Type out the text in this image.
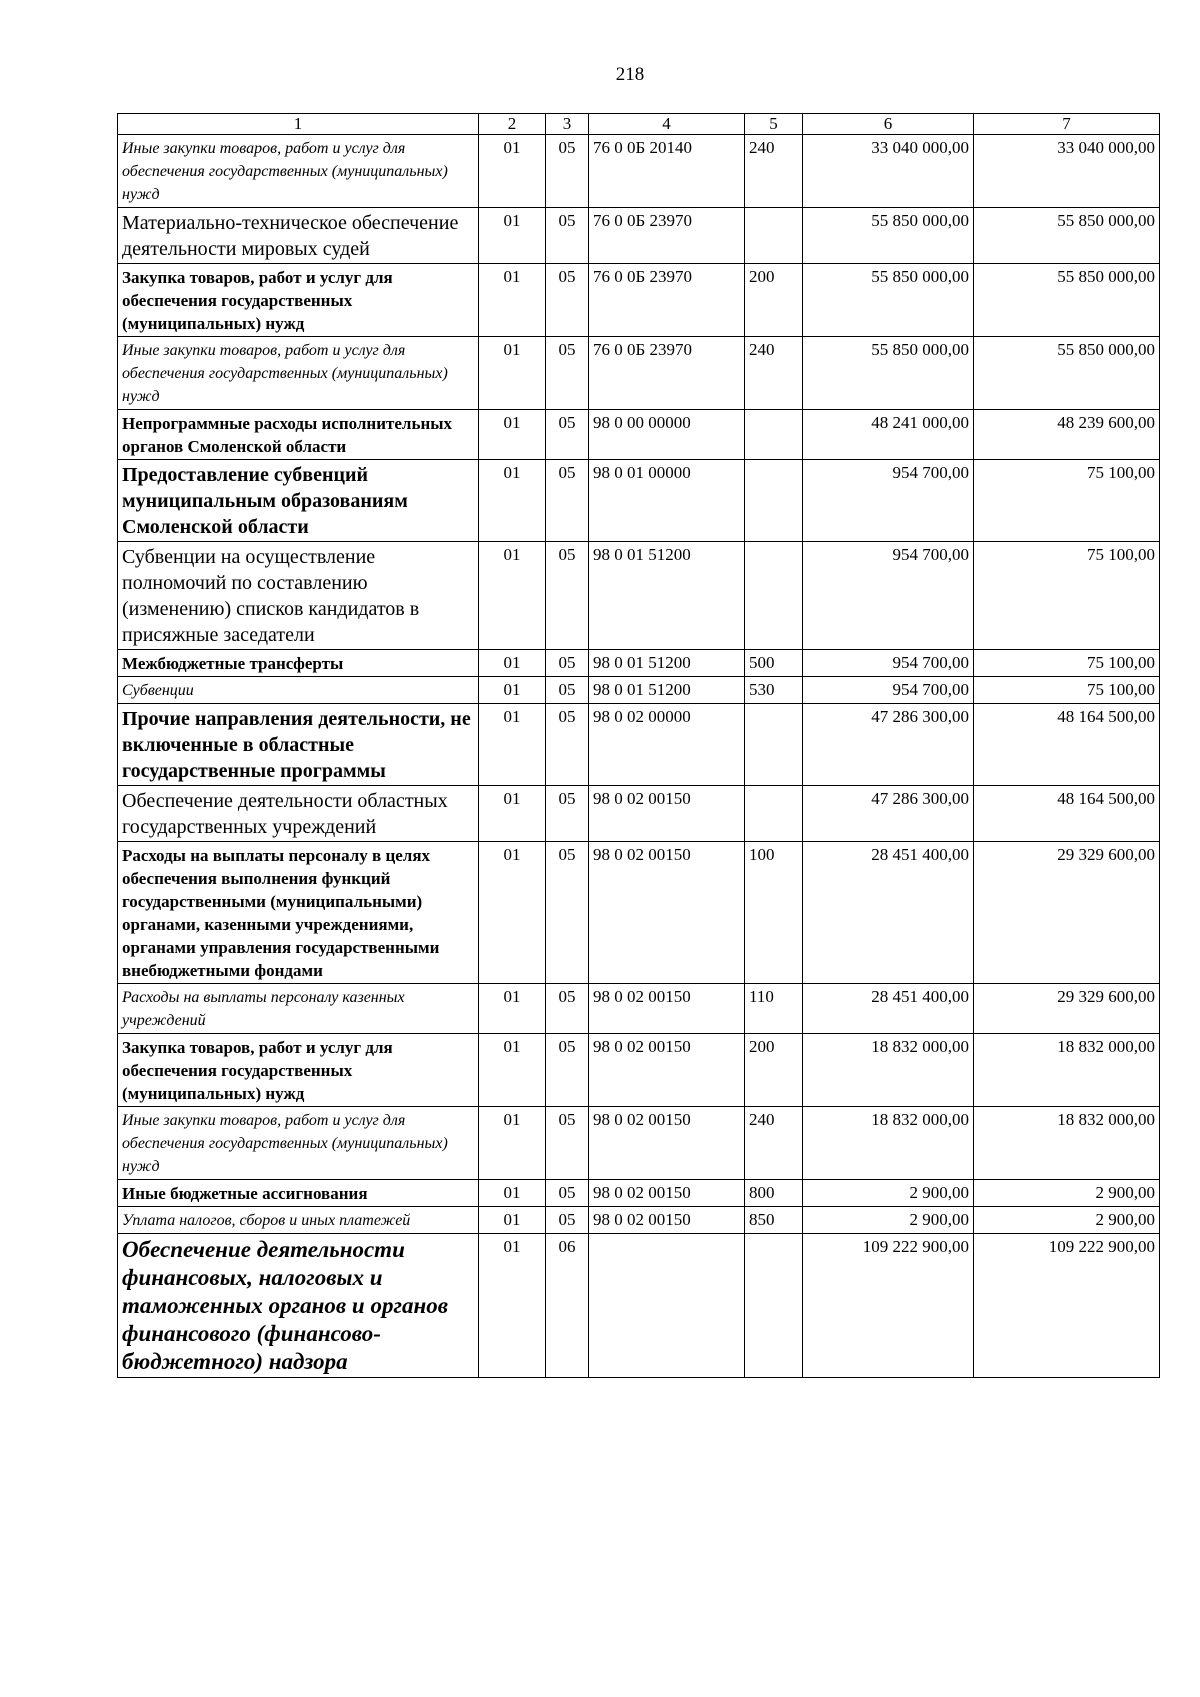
218
1	2	3	4	5	6	7
Иные закупки товаров, работ и услуг для обеспечения государственных (муниципальных) нужд	01	05	76 0 0Б 20140	240	33 040 000,00	33 040 000,00
Материально-техническое обеспечение деятельности мировых судей	01	05	76 0 0Б 23970		55 850 000,00	55 850 000,00
Закупка товаров, работ и услуг для обеспечения государственных (муниципальных) нужд	01	05	76 0 0Б 23970	200	55 850 000,00	55 850 000,00
Иные закупки товаров, работ и услуг для обеспечения государственных (муниципальных) нужд	01	05	76 0 0Б 23970	240	55 850 000,00	55 850 000,00
Непрограммные расходы исполнительных органов Смоленской области	01	05	98 0 00 00000		48 241 000,00	48 239 600,00
Предоставление субвенций муниципальным образованиям Смоленской области	01	05	98 0 01 00000		954 700,00	75 100,00
Субвенции на осуществление полномочий по составлению (изменению) списков кандидатов в присяжные заседатели	01	05	98 0 01 51200		954 700,00	75 100,00
Межбюджетные трансферты	01	05	98 0 01 51200	500	954 700,00	75 100,00
Субвенции	01	05	98 0 01 51200	530	954 700,00	75 100,00
Прочие направления деятельности, не включенные в областные государственные программы	01	05	98 0 02 00000		47 286 300,00	48 164 500,00
Обеспечение деятельности областных государственных учреждений	01	05	98 0 02 00150		47 286 300,00	48 164 500,00
Расходы на выплаты персоналу в целях обеспечения выполнения функций государственными (муниципальными) органами, казенными учреждениями, органами управления государственными внебюджетными фондами	01	05	98 0 02 00150	100	28 451 400,00	29 329 600,00
Расходы на выплаты персоналу казенных учреждений	01	05	98 0 02 00150	110	28 451 400,00	29 329 600,00
Закупка товаров, работ и услуг для обеспечения государственных (муниципальных) нужд	01	05	98 0 02 00150	200	18 832 000,00	18 832 000,00
Иные закупки товаров, работ и услуг для обеспечения государственных (муниципальных) нужд	01	05	98 0 02 00150	240	18 832 000,00	18 832 000,00
Иные бюджетные ассигнования	01	05	98 0 02 00150	800	2 900,00	2 900,00
Уплата налогов, сборов и иных платежей	01	05	98 0 02 00150	850	2 900,00	2 900,00
Обеспечение деятельности финансовых, налоговых и таможенных органов и органов финансового (финансово-бюджетного) надзора	01	06			109 222 900,00	109 222 900,00
